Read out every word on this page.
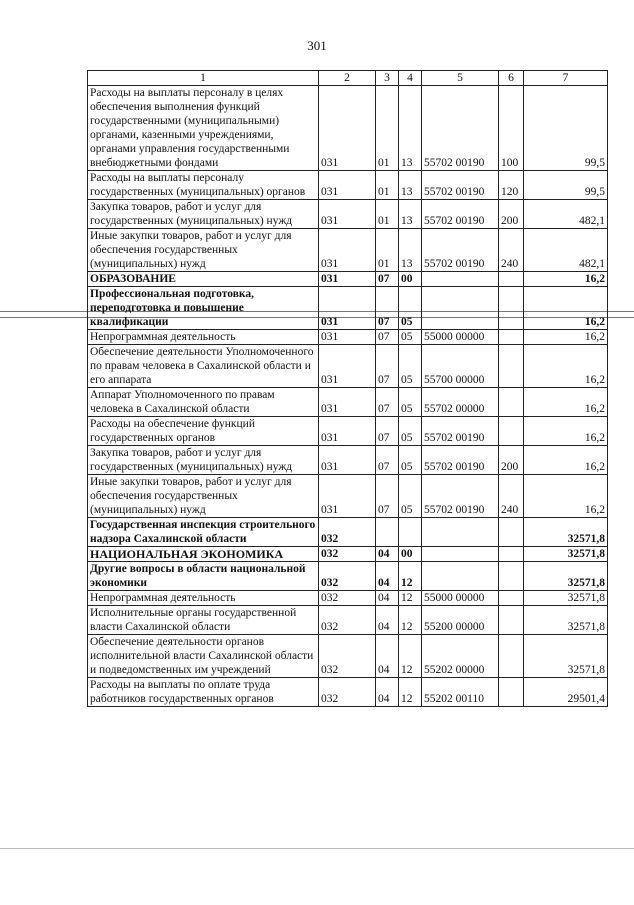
301
1	2	3	4	5	6	7
Расходы на выплаты персоналу в целях обеспечения выполнения функций государственными (муниципальными) органами, казенными учреждениями, органами управления государственными внебюджетными фондами	031	01	13	55702 00190	100	99,5
Расходы на выплаты персоналу государственных (муниципальных) органов	031	01	13	55702 00190	120	99,5
Закупка товаров, работ и услуг для государственных (муниципальных) нужд	031	01	13	55702 00190	200	482,1
Иные закупки товаров, работ и услуг для обеспечения государственных (муниципальных) нужд	031	01	13	55702 00190	240	482,1
ОБРАЗОВАНИЕ	031	07	00			16,2
Профессиональная подготовка, переподготовка и повышение квалификации	031	07	05			16,2
Непрограммная деятельность	031	07	05	55000 00000		16,2
Обеспечение деятельности Уполномоченного по правам человека в Сахалинской области и его аппарата	031	07	05	55700 00000		16,2
Аппарат Уполномоченного по правам человека в Сахалинской области	031	07	05	55702 00000		16,2
Расходы на обеспечение функций государственных органов	031	07	05	55702 00190		16,2
Закупка товаров, работ и услуг для государственных (муниципальных) нужд	031	07	05	55702 00190	200	16,2
Иные закупки товаров, работ и услуг для обеспечения государственных (муниципальных) нужд	031	07	05	55702 00190	240	16,2
Государственная инспекция строительного надзора Сахалинской области	032					32571,8
НАЦИОНАЛЬНАЯ ЭКОНОМИКА	032	04	00			32571,8
Другие вопросы в области национальной экономики	032	04	12			32571,8
Непрограммная деятельность	032	04	12	55000 00000		32571,8
Исполнительные органы государственной власти Сахалинской области	032	04	12	55200 00000		32571,8
Обеспечение деятельности органов исполнительной власти Сахалинской области и подведомственных им учреждений	032	04	12	55202 00000		32571,8
Расходы на выплаты по оплате труда работников государственных органов	032	04	12	55202 00110		29501,4
